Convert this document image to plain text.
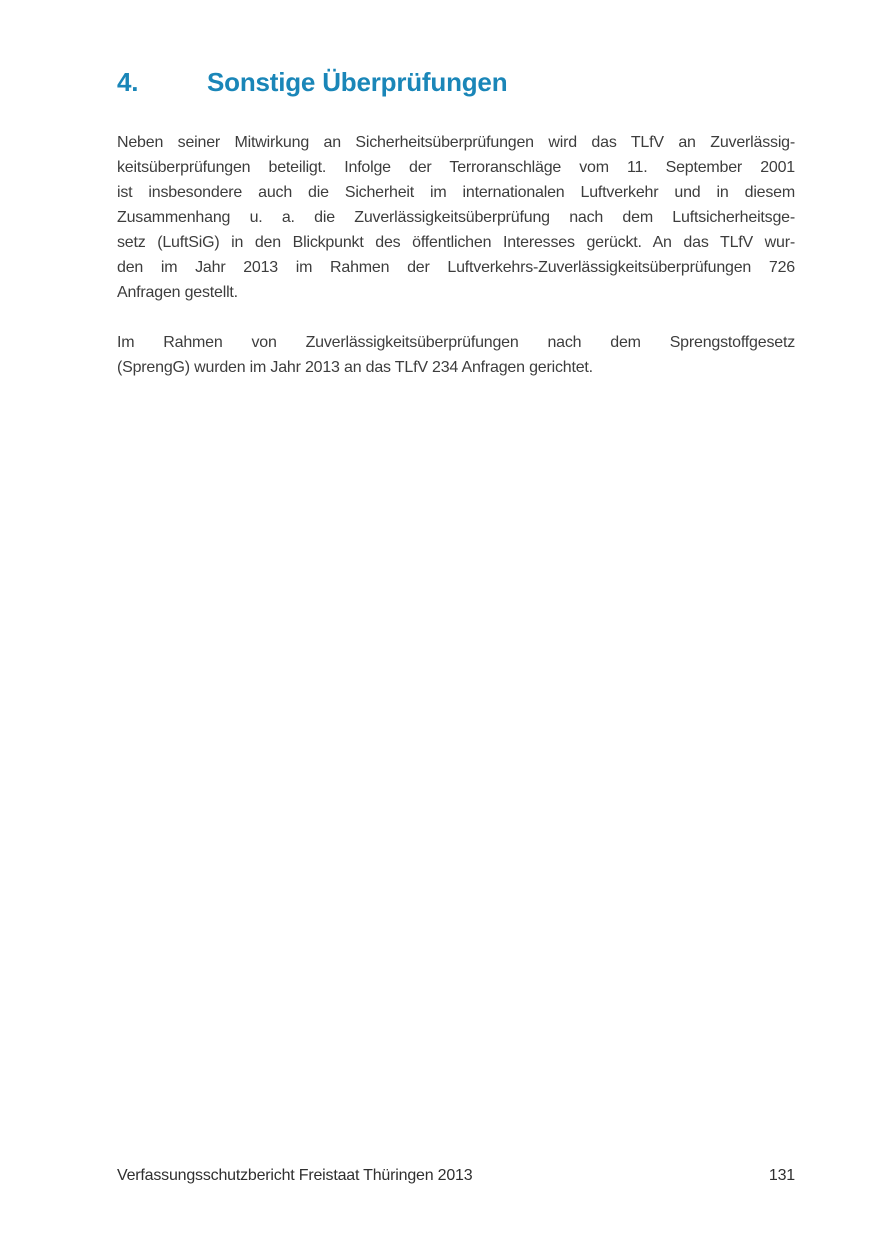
4.	Sonstige Überprüfungen
Neben seiner Mitwirkung an Sicherheitsüberprüfungen wird das TLfV an Zuverlässig-
keitsüberprüfungen beteiligt. Infolge der Terroranschläge vom 11. September 2001
ist insbesondere auch die Sicherheit im internationalen Luftverkehr und in diesem
Zusammenhang u. a. die Zuverlässigkeitsüberprüfung nach dem Luftsicherheitsge-
setz (LuftSiG) in den Blickpunkt des öffentlichen Interesses gerückt. An das TLfV wur-
den im Jahr 2013 im Rahmen der Luftverkehrs-Zuverlässigkeitsüberprüfungen 726
Anfragen gestellt.
Im Rahmen von Zuverlässigkeitsüberprüfungen nach dem Sprengstoffgesetz
(SprengG) wurden im Jahr 2013 an das TLfV 234 Anfragen gerichtet.
Verfassungsschutzbericht Freistaat Thüringen 2013	131
